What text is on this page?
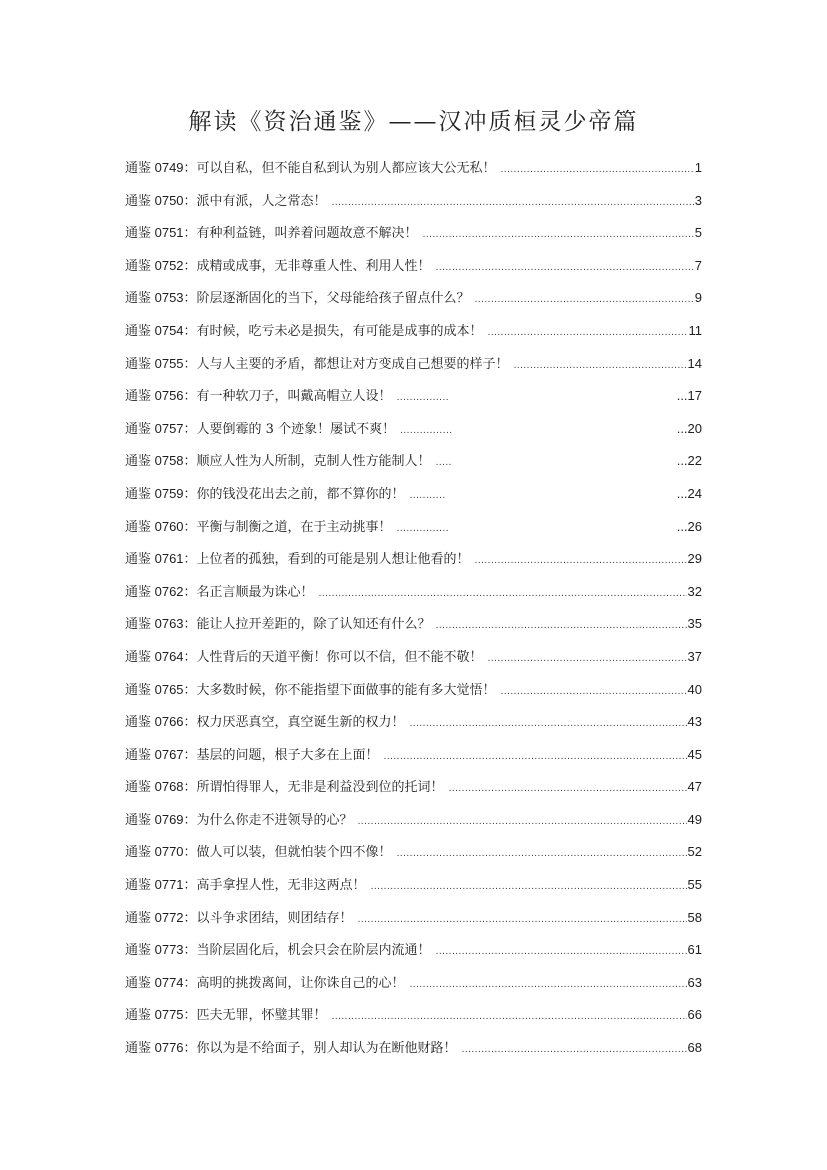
解读《资治通鉴》——汉冲质桓灵少帝篇
通鉴 0749： 可以自私，但不能自私到认为别人都应该大公无私！ .....	1
通鉴 0750： 派中有派，人之常态！ .....	3
通鉴 0751： 有种利益链，叫养着问题故意不解决！ .....	5
通鉴 0752： 成精或成事，无非尊重人性、利用人性！ .....	7
通鉴 0753： 阶层逐渐固化的当下，父母能给孩子留点什么？ .....	9
通鉴 0754： 有时候，吃亏未必是损失，有可能是成事的成本！ .....	11
通鉴 0755： 人与人主要的矛盾，都想让对方变成自己想要的样子！ .....	14
通鉴 0756： 有一种软刀子，叫戴高帽立人设！ ................	...17
通鉴 0757： 人要倒霉的 3 个迹象！屡试不爽！ ................	...20
通鉴 0758： 顺应人性为人所制，克制人性方能制人！ .....	...22
通鉴 0759： 你的钱没花出去之前，都不算你的！ ...........	...24
通鉴 0760： 平衡与制衡之道，在于主动挑事！ ................	...26
通鉴 0761： 上位者的孤独，看到的可能是别人想让他看的！ .....	29
通鉴 0762： 名正言顺最为诛心！ .....	32
通鉴 0763： 能让人拉开差距的，除了认知还有什么？ .....	35
通鉴 0764： 人性背后的天道平衡！你可以不信，但不能不敬！ .....	37
通鉴 0765： 大多数时候，你不能指望下面做事的能有多大觉悟！ .....	40
通鉴 0766： 权力厌恶真空，真空诞生新的权力！ .....	43
通鉴 0767： 基层的问题，根子大多在上面！ .....	45
通鉴 0768： 所谓怕得罪人，无非是利益没到位的托词！ .....	47
通鉴 0769： 为什么你走不进领导的心？ .....	49
通鉴 0770： 做人可以装，但就怕装个四不像！ .....	52
通鉴 0771： 高手拿捏人性，无非这两点！ .....	55
通鉴 0772： 以斗争求团结，则团结存！ .....	58
通鉴 0773： 当阶层固化后，机会只会在阶层内流通！ .....	61
通鉴 0774： 高明的挑拨离间，让你诛自己的心！ .....	63
通鉴 0775： 匹夫无罪，怀璧其罪！ .....	66
通鉴 0776： 你以为是不给面子，别人却认为在断他财路！ .....	68
